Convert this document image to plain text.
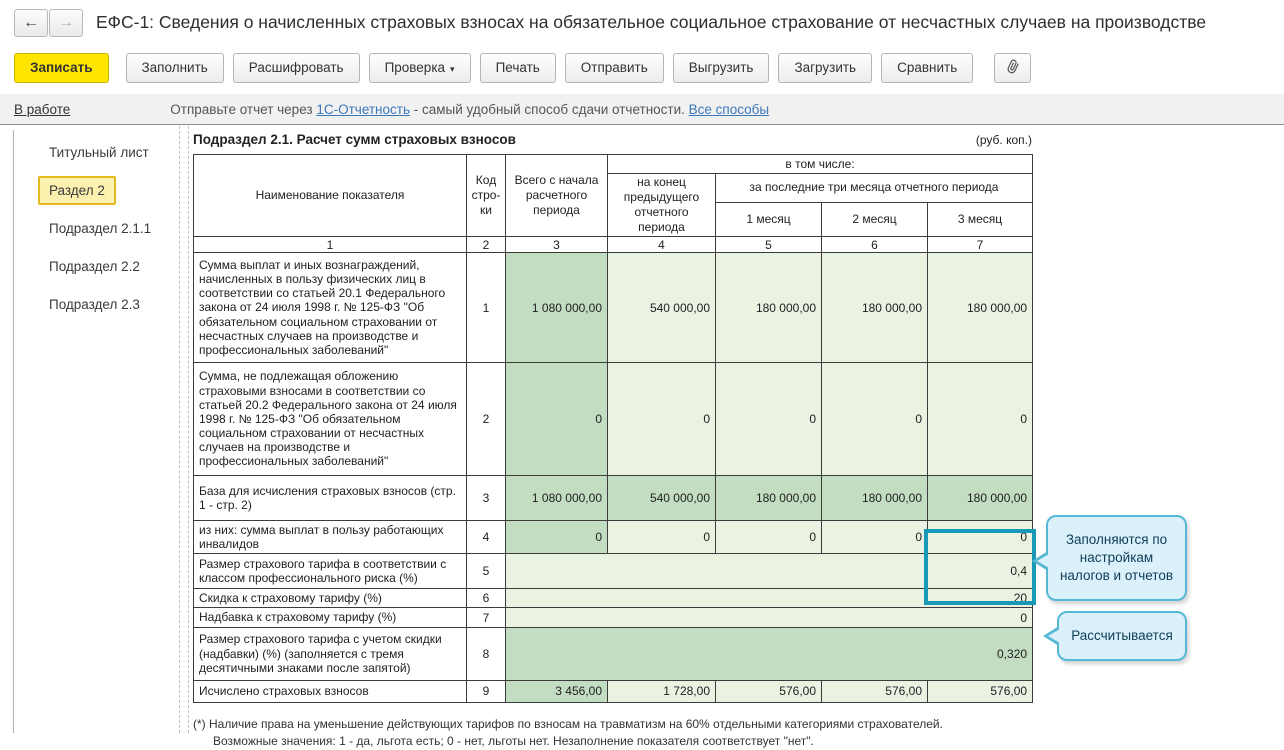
←	→	ЕФС-1: Сведения о начисленных страховых взносах на обязательное социальное страхование от несчастных случаев на производстве
Записать	Заполнить	Расшифровать	Проверка ▾	Печать	Отправить	Выгрузить	Загрузить	Сравнить
В работе	Отправьте отчет через 1С-Отчетность - самый удобный способ сдачи отчетности. Все способы
Титульный лист
Раздел 2
Подраздел 2.1.1
Подраздел 2.2
Подраздел 2.3
Подраздел 2.1. Расчет сумм страховых взносов	(руб. коп.)
Наименование показателя	Код стро-ки	Всего с начала расчетного периода	в том числе:			
			на конец предыдущего отчетного периода	за последние три месяца отчетного периода		
				1 месяц	2 месяц	3 месяц
1	2	3	4	5	6	7
Сумма выплат и иных вознаграждений, начисленных в пользу физических лиц в соответствии со статьей 20.1 Федерального закона от 24 июля 1998 г. № 125-ФЗ "Об обязательном социальном страховании от несчастных случаев на производстве и профессиональных заболеваний"	1	1 080 000,00	540 000,00	180 000,00	180 000,00	180 000,00
Сумма, не подлежащая обложению страховыми взносами в соответствии со статьей 20.2 Федерального закона от 24 июля 1998 г. № 125-ФЗ "Об обязательном социальном страховании от несчастных случаев на производстве и профессиональных заболеваний"	2	0	0	0	0	0
База для исчисления страховых взносов (стр. 1 - стр. 2)	3	1 080 000,00	540 000,00	180 000,00	180 000,00	180 000,00
из них: сумма выплат в пользу работающих инвалидов	4	0	0	0	0	0
Размер страхового тарифа в соответствии с классом профессионального риска (%)	5	0,4				
Скидка к страховому тарифу (%)	6	20				
Надбавка к страховому тарифу (%)	7	0				
Размер страхового тарифа с учетом скидки (надбавки) (%) (заполняется с тремя десятичными знаками после запятой)	8	0,320				
Исчислено страховых взносов	9	3 456,00	1 728,00	576,00	576,00	576,00
(*) Наличие права на уменьшение действующих тарифов по взносам на травматизм на 60% отдельными категориями страхователей.
Возможные значения: 1 - да, льгота есть; 0 - нет, льготы нет. Незаполнение показателя соответствует "нет".
Заполняются по настройкам налогов и отчетов
Рассчитывается
